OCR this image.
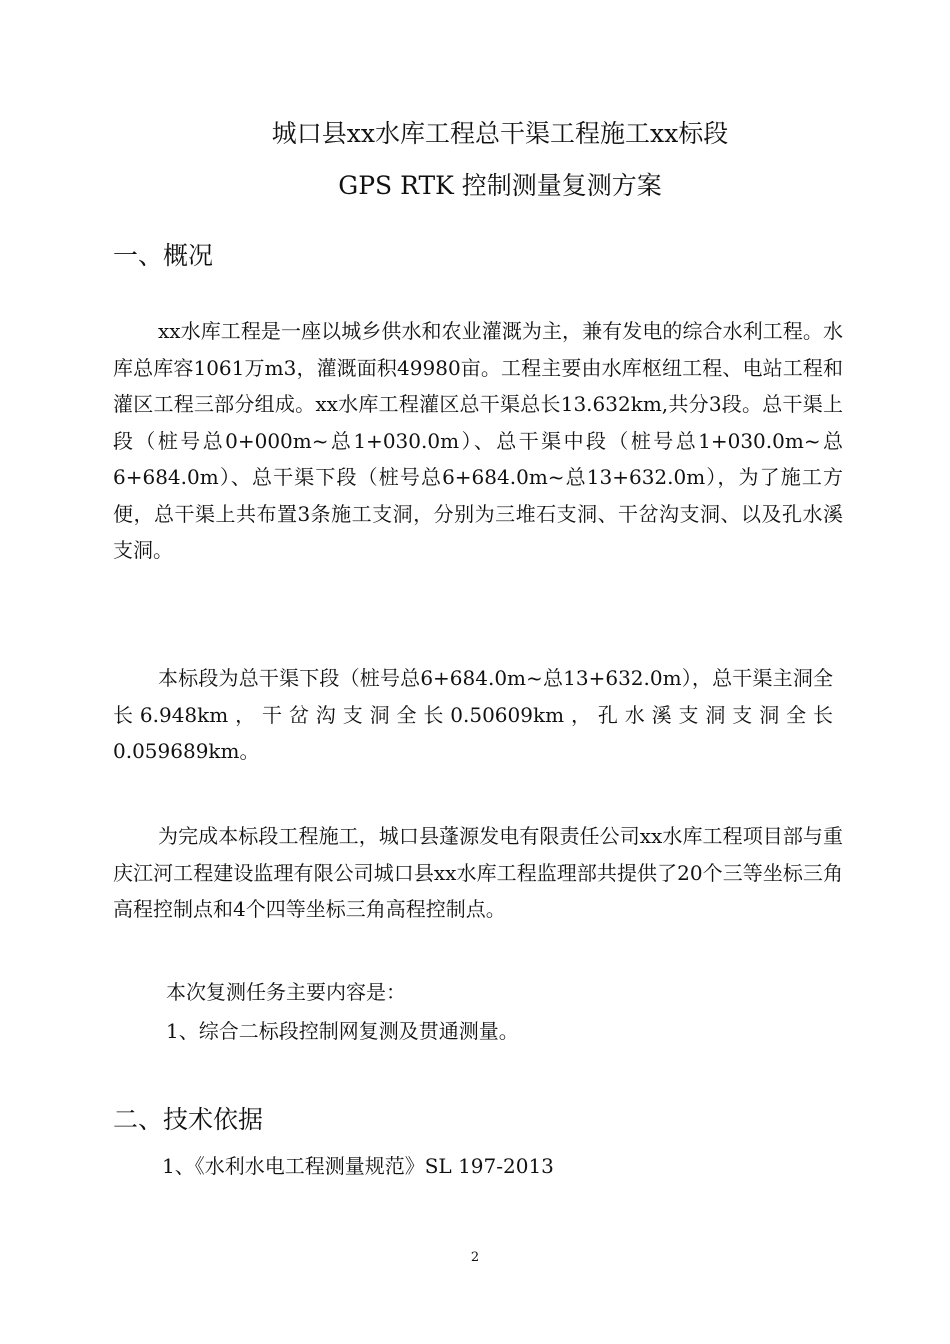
城口县xx水库工程总干渠工程施工xx标段
GPS RTK 控制测量复测方案
一、概况

xx水库工程是一座以城乡供水和农业灌溉为主，兼有发电的综合水利工程。水库总库容1061万m3，灌溉面积49980亩。工程主要由水库枢纽工程、电站工程和灌区工程三部分组成。xx水库工程灌区总干渠总长13.632km,共分3段。总干渠上段（桩号总0+000m~总1+030.0m）、总干渠中段（桩号总1+030.0m~总6+684.0m）、总干渠下段（桩号总6+684.0m~总13+632.0m），为了施工方便，总干渠上共布置3条施工支洞，分别为三堆石支洞、干岔沟支洞、以及孔水溪支洞。

本标段为总干渠下段（桩号总6+684.0m~总13+632.0m），总干渠主洞全长6.948km，干岔沟支洞全长0.50609km，孔水溪支洞支洞全长0.059689km。

为完成本标段工程施工，城口县蓬源发电有限责任公司xx水库工程项目部与重庆江河工程建设监理有限公司城口县xx水库工程监理部共提供了20个三等坐标三角高程控制点和4个四等坐标三角高程控制点。

本次复测任务主要内容是：
1、综合二标段控制网复测及贯通测量。
二、技术依据
1、《水利水电工程测量规范》SL 197-2013
2
